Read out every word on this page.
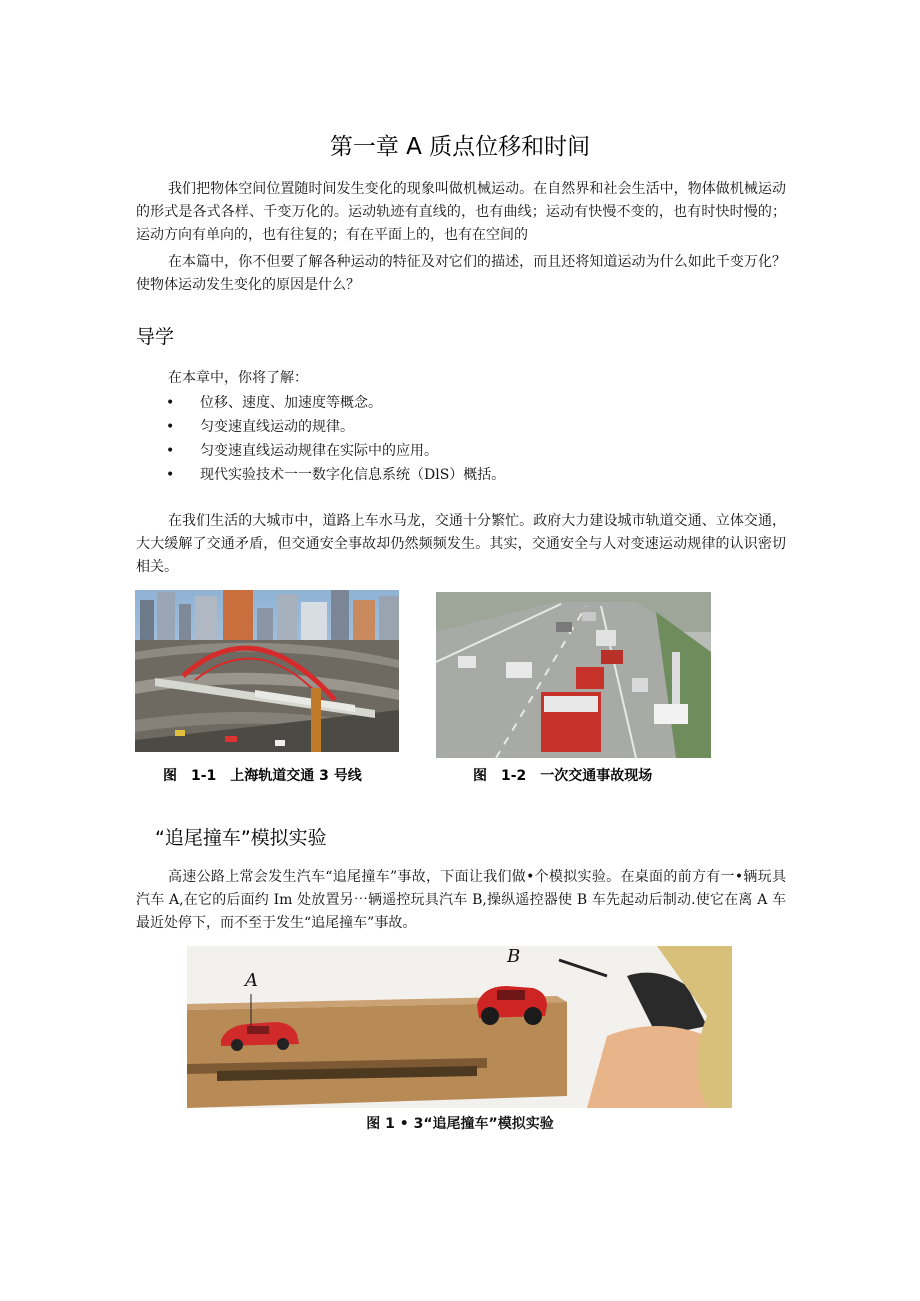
第一章 A 质点位移和时间

我们把物体空间位置随时间发生变化的现象叫做机械运动。在自然界和社会生活中，物体做机械运动的形式是各式各样、千变万化的。运动轨迹有直线的，也有曲线；运动有快慢不变的，也有时快时慢的；运动方向有单向的，也有往复的；有在平面上的，也有在空间的

在本篇中，你不但要了解各种运动的特征及对它们的描述，而且还将知道运动为什么如此千变万化？使物体运动发生变化的原因是什么？

导学
在本章中，你将了解：
• 位移、速度、加速度等概念。
• 匀变速直线运动的规律。
• 匀变速直线运动规律在实际中的应用。
• 现代实验技术一一数字化信息系统（DlS）概括。

在我们生活的大城市中，道路上车水马龙，交通十分繁忙。政府大力建设城市轨道交通、立体交通，大大缓解了交通矛盾，但交通安全事故却仍然频频发生。其实，交通安全与人对变速运动规律的认识密切相关。

图　1-1　上海轨道交通 3 号线	图　1-2　一次交通事故现场
“追尾撞车”模拟实验

高速公路上常会发生汽车“追尾撞车”事故，下面让我们做•个模拟实验。在桌面的前方有一•辆玩具汽车 A,在它的后面约 Im 处放置另⋯辆遥控玩具汽车 B,操纵遥控器使 B 车先起动后制动.使它在离 A 车最近处停下，而不至于发生“追尾撞车”事故。

A
B
图 1 • 3“追尾撞车”模拟实验
